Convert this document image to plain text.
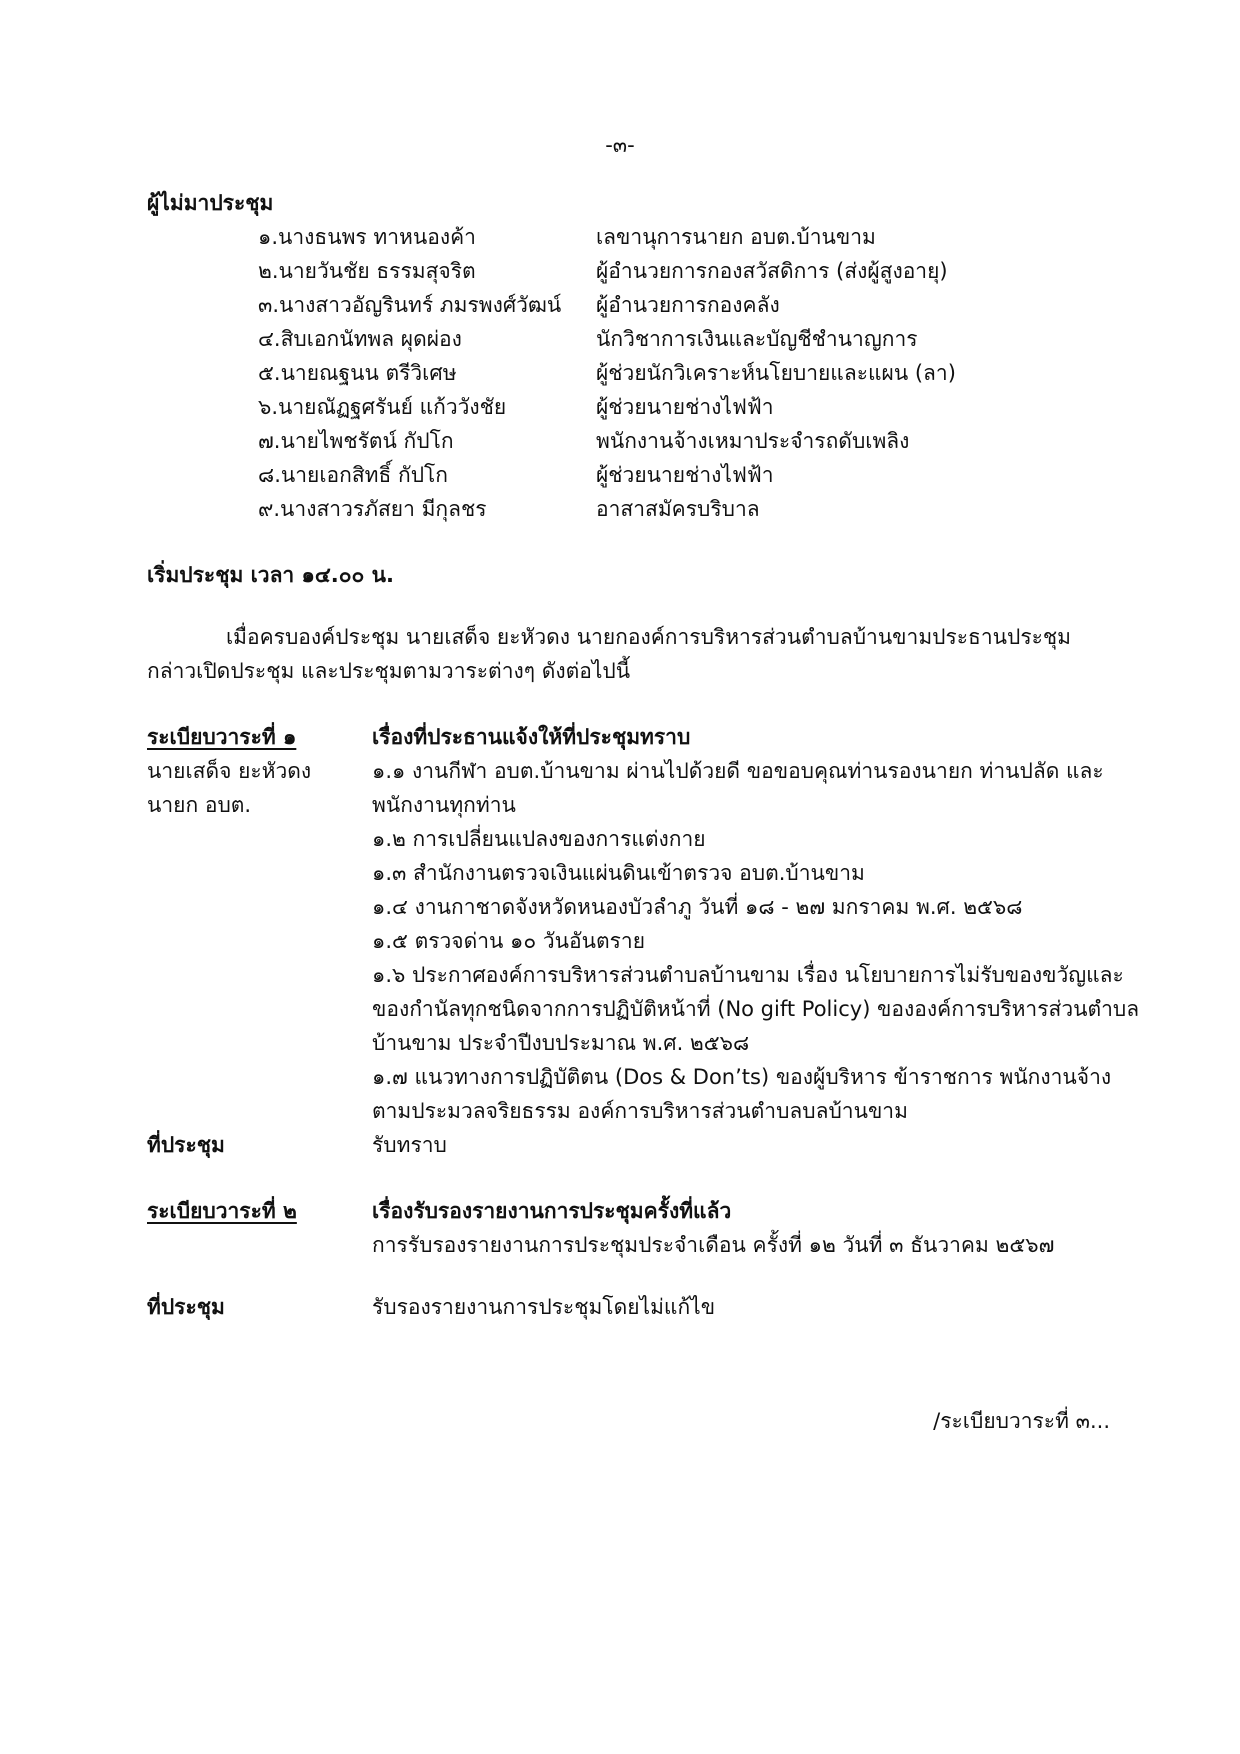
-๓-
ผู้ไม่มาประชุม
๑.นางธนพร ทาหนองค้า	เลขานุการนายก อบต.บ้านขาม
๒.นายวันชัย ธรรมสุจริต	ผู้อำนวยการกองสวัสดิการ (ส่งผู้สูงอายุ)
๓.นางสาวอัญรินทร์ ภมรพงศ์วัฒน์ ผู้อำนวยการกองคลัง
๔.สิบเอกนัทพล ผุดผ่อง	นักวิชาการเงินและบัญชีชำนาญการ
๕.นายณฐนน ตรีวิเศษ	ผู้ช่วยนักวิเคราะห์นโยบายและแผน (ลา)
๖.นายณัฏฐศรันย์ แก้ววังชัย	ผู้ช่วยนายช่างไฟฟ้า
๗.นายไพชรัตน์ กัปโก	พนักงานจ้างเหมาประจำรถดับเพลิง
๘.นายเอกสิทธิ์ กัปโก	ผู้ช่วยนายช่างไฟฟ้า
๙.นางสาวรภัสยา มีกุลชร	อาสาสมัครบริบาล
เริ่มประชุม เวลา ๑๔.๐๐ น.
เมื่อครบองค์ประชุม นายเสด็จ ยะหัวดง นายกองค์การบริหารส่วนตำบลบ้านขามประธานประชุม
กล่าวเปิดประชุม และประชุมตามวาระต่างๆ ดังต่อไปนี้
ระเบียบวาระที่ ๑	เรื่องที่ประธานแจ้งให้ที่ประชุมทราบ
นายเสด็จ ยะหัวดง
นายก อบต.
๑.๑ งานกีฬา อบต.บ้านขาม ผ่านไปด้วยดี ขอขอบคุณท่านรองนายก ท่านปลัด และ
พนักงานทุกท่าน
๑.๒ การเปลี่ยนแปลงของการแต่งกาย
๑.๓ สำนักงานตรวจเงินแผ่นดินเข้าตรวจ อบต.บ้านขาม
๑.๔ งานกาชาดจังหวัดหนองบัวลำภู วันที่ ๑๘ - ๒๗ มกราคม พ.ศ. ๒๕๖๘
๑.๕ ตรวจด่าน ๑๐ วันอันตราย
๑.๖ ประกาศองค์การบริหารส่วนตำบลบ้านขาม เรื่อง นโยบายการไม่รับของขวัญและ
ของกำนัลทุกชนิดจากการปฏิบัติหน้าที่ (No gift Policy) ขององค์การบริหารส่วนตำบล
บ้านขาม ประจำปีงบประมาณ พ.ศ. ๒๕๖๘
๑.๗ แนวทางการปฏิบัติตน (Dos & Don’ts) ของผู้บริหาร ข้าราชการ พนักงานจ้าง
ตามประมวลจริยธรรม องค์การบริหารส่วนตำบลบลบ้านขาม
ที่ประชุม	รับทราบ
ระเบียบวาระที่ ๒	เรื่องรับรองรายงานการประชุมครั้งที่แล้ว
การรับรองรายงานการประชุมประจำเดือน ครั้งที่ ๑๒ วันที่ ๓ ธันวาคม ๒๕๖๗
ที่ประชุม	รับรองรายงานการประชุมโดยไม่แก้ไข
/ระเบียบวาระที่ ๓...
